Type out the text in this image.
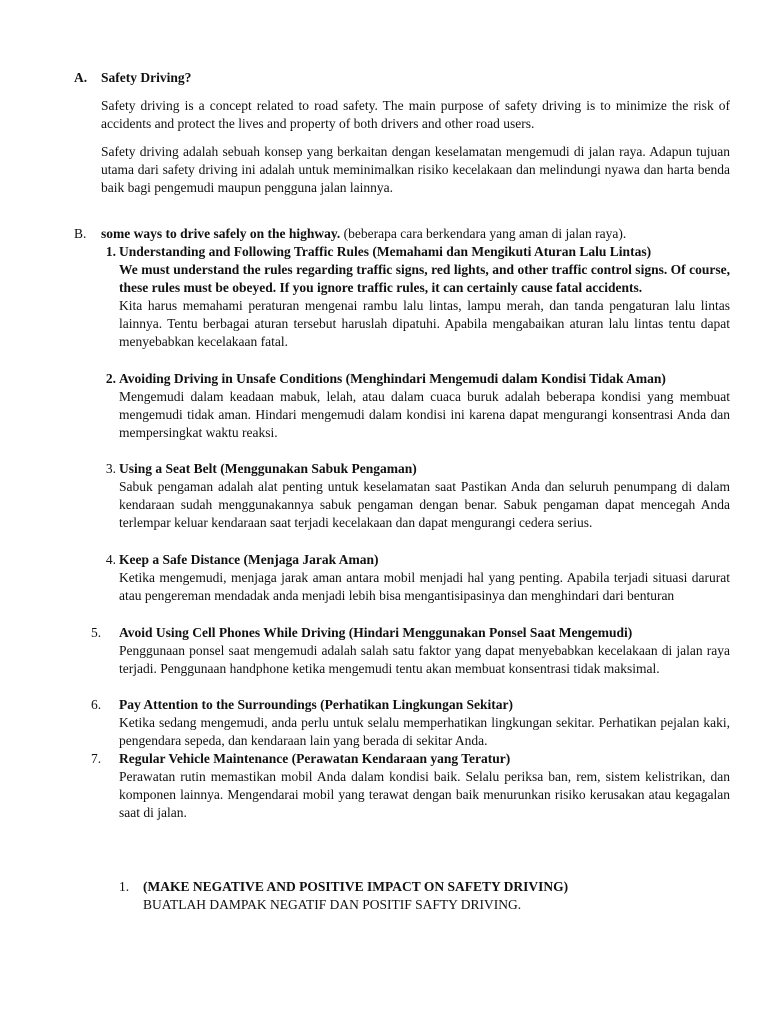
A. Safety Driving?

Safety driving is a concept related to road safety. The main purpose of safety driving is to minimize the risk of accidents and protect the lives and property of both drivers and other road users.

Safety driving adalah sebuah konsep yang berkaitan dengan keselamatan mengemudi di jalan raya. Adapun tujuan utama dari safety driving ini adalah untuk meminimalkan risiko kecelakaan dan melindungi nyawa dan harta benda baik bagi pengemudi maupun pengguna jalan lainnya.

B. some ways to drive safely on the highway. (beberapa cara berkendara yang aman di jalan raya).
1. Understanding and Following Traffic Rules (Memahami dan Mengikuti Aturan Lalu Lintas)
We must understand the rules regarding traffic signs, red lights, and other traffic control signs. Of course, these rules must be obeyed. If you ignore traffic rules, it can certainly cause fatal accidents.
Kita harus memahami peraturan mengenai rambu lalu lintas, lampu merah, dan tanda pengaturan lalu lintas lainnya. Tentu berbagai aturan tersebut haruslah dipatuhi. Apabila mengabaikan aturan lalu lintas tentu dapat menyebabkan kecelakaan fatal.
2. Avoiding Driving in Unsafe Conditions (Menghindari Mengemudi dalam Kondisi Tidak Aman)
Mengemudi dalam keadaan mabuk, lelah, atau dalam cuaca buruk adalah beberapa kondisi yang membuat mengemudi tidak aman. Hindari mengemudi dalam kondisi ini karena dapat mengurangi konsentrasi Anda dan mempersingkat waktu reaksi.
3. Using a Seat Belt (Menggunakan Sabuk Pengaman)
Sabuk pengaman adalah alat penting untuk keselamatan saat Pastikan Anda dan seluruh penumpang di dalam kendaraan sudah menggunakannya sabuk pengaman dengan benar. Sabuk pengaman dapat mencegah Anda terlempar keluar kendaraan saat terjadi kecelakaan dan dapat mengurangi cedera serius.
4. Keep a Safe Distance (Menjaga Jarak Aman)
Ketika mengemudi, menjaga jarak aman antara mobil menjadi hal yang penting. Apabila terjadi situasi darurat atau pengereman mendadak anda menjadi lebih bisa mengantisipasinya dan menghindari dari benturan
5. Avoid Using Cell Phones While Driving (Hindari Menggunakan Ponsel Saat Mengemudi)
Penggunaan ponsel saat mengemudi adalah salah satu faktor yang dapat menyebabkan kecelakaan di jalan raya terjadi. Penggunaan handphone ketika mengemudi tentu akan membuat konsentrasi tidak maksimal.
6. Pay Attention to the Surroundings (Perhatikan Lingkungan Sekitar)
Ketika sedang mengemudi, anda perlu untuk selalu memperhatikan lingkungan sekitar. Perhatikan pejalan kaki, pengendara sepeda, dan kendaraan lain yang berada di sekitar Anda.
7. Regular Vehicle Maintenance (Perawatan Kendaraan yang Teratur)
Perawatan rutin memastikan mobil Anda dalam kondisi baik. Selalu periksa ban, rem, sistem kelistrikan, dan komponen lainnya. Mengendarai mobil yang terawat dengan baik menurunkan risiko kerusakan atau kegagalan saat di jalan.
1. (MAKE NEGATIVE AND POSITIVE IMPACT ON SAFETY DRIVING)
BUATLAH DAMPAK NEGATIF DAN POSITIF SAFTY DRIVING.
